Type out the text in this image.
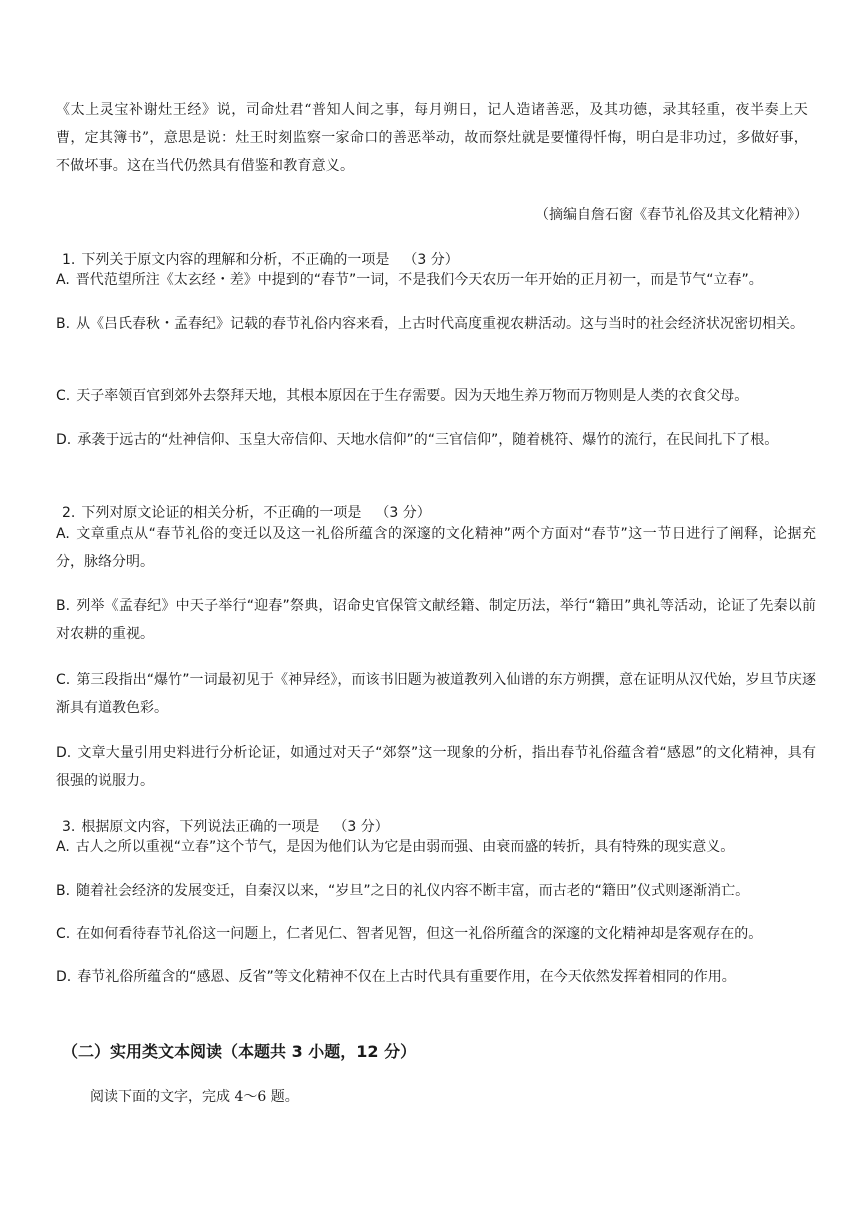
《太上灵宝补谢灶王经》说，司命灶君“普知人间之事，每月朔日，记人造诸善恶，及其功德，录其轻重，夜半奏上天曹，定其簿书”，意思是说：灶王时刻监察一家命口的善恶举动，故而祭灶就是要懂得忏悔，明白是非功过，多做好事，不做坏事。这在当代仍然具有借鉴和教育意义。

（摘编自詹石窗《春节礼俗及其文化精神》）

1. 下列关于原文内容的理解和分析，不正确的一项是 （3 分）

A. 晋代范望所注《太玄经・差》中提到的“春节”一词，不是我们今天农历一年开始的正月初一，而是节气“立春”。

B. 从《吕氏春秋・孟春纪》记载的春节礼俗内容来看，上古时代高度重视农耕活动。这与当时的社会经济状况密切相关。

C. 天子率领百官到郊外去祭拜天地，其根本原因在于生存需要。因为天地生养万物而万物则是人类的衣食父母。

D. 承袭于远古的“灶神信仰、玉皇大帝信仰、天地水信仰”的“三官信仰”，随着桃符、爆竹的流行，在民间扎下了根。

2. 下列对原文论证的相关分析，不正确的一项是 （3 分）

A. 文章重点从“春节礼俗的变迁以及这一礼俗所蕴含的深邃的文化精神”两个方面对“春节”这一节日进行了阐释，论据充分，脉络分明。

B. 列举《孟春纪》中天子举行“迎春”祭典，诏命史官保管文献经籍、制定历法，举行“籍田”典礼等活动，论证了先秦以前对农耕的重视。

C. 第三段指出“爆竹”一词最初见于《神异经》，而该书旧题为被道教列入仙谱的东方朔撰，意在证明从汉代始，岁旦节庆逐渐具有道教色彩。

D. 文章大量引用史料进行分析论证，如通过对天子“郊祭”这一现象的分析，指出春节礼俗蕴含着“感恩”的文化精神，具有很强的说服力。

3. 根据原文内容，下列说法正确的一项是 （3 分）

A. 古人之所以重视“立春”这个节气，是因为他们认为它是由弱而强、由衰而盛的转折，具有特殊的现实意义。

B. 随着社会经济的发展变迁，自秦汉以来，“岁旦”之日的礼仪内容不断丰富，而古老的“籍田”仪式则逐渐消亡。

C. 在如何看待春节礼俗这一问题上，仁者见仁、智者见智，但这一礼俗所蕴含的深邃的文化精神却是客观存在的。

D. 春节礼俗所蕴含的“感恩、反省”等文化精神不仅在上古时代具有重要作用，在今天依然发挥着相同的作用。

（二）实用类文本阅读（本题共 3 小题，12 分）

阅读下面的文字，完成 4～6 题。
